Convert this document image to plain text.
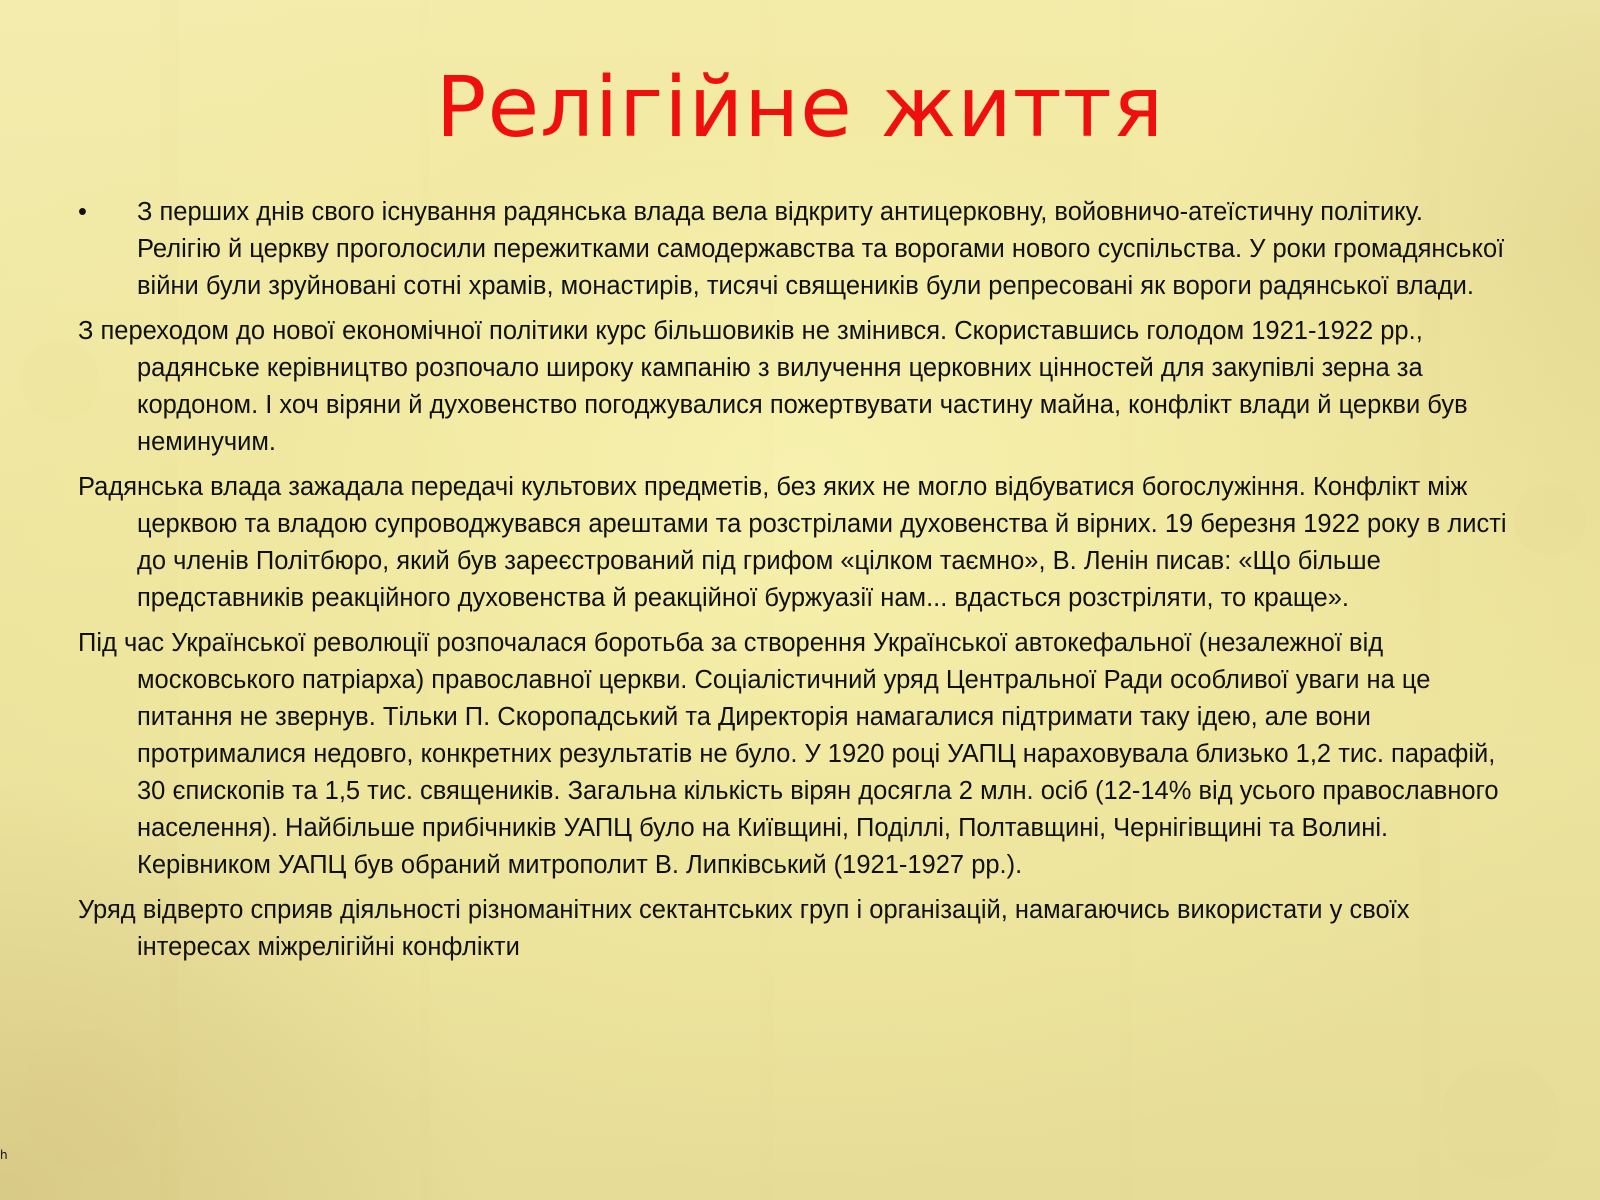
Релігійне життя

•	З перших днів свого існування радянська влада вела відкриту антицерковну, войовничо-атеїстичну політику. Релігію й церкву проголосили пережитками самодержавства та ворогами нового суспільства. У роки громадянської війни були зруйновані сотні храмів, монастирів, тисячі священиків були репресовані як вороги радянської влади.

З переходом до нової економічної політики курс більшовиків не змінився. Скориставшись голодом 1921-1922 рр., радянське керівництво розпочало широку кампанію з вилучення церковних цінностей для закупівлі зерна за кордоном. І хоч віряни й духовенство погоджувалися пожертвувати частину майна, конфлікт влади й церкви був неминучим.

Радянська влада зажадала передачі культових предметів, без яких не могло відбуватися богослужіння. Конфлікт між церквою та владою супроводжувався арештами та розстрілами духовенства й вірних. 19 березня 1922 року в листі до членів Політбюро, який був зареєстрований під грифом «цілком таємно», В. Ленін писав: «Що більше представників реакційного духовенства й реакційної буржуазії нам... вдасться розстріляти, то краще».

Під час Української революції розпочалася боротьба за створення Української автокефальної (незалежної від московського патріарха) православної церкви. Соціалістичний уряд Центральної Ради особливої уваги на це питання не звернув. Тільки П. Скоропадський та Директорія намагалися підтримати таку ідею, але вони протрималися недовго, конкретних результатів не було. У 1920 році УАПЦ нараховувала близько 1,2 тис. парафій, 30 єпископів та 1,5 тис. священиків. Загальна кількість вірян досягла 2 млн. осіб (12-14% від усього православного населення). Найбільше прибічників УАПЦ було на Київщині, Поділлі, Полтавщині, Чернігівщині та Волині. Керівником УАПЦ був обраний митрополит В. Липківський (1921-1927 рр.).

Уряд відверто сприяв діяльності різноманітних сектантських груп і організацій, намагаючись використати у своїх інтересах міжрелігійні конфлікти

h
